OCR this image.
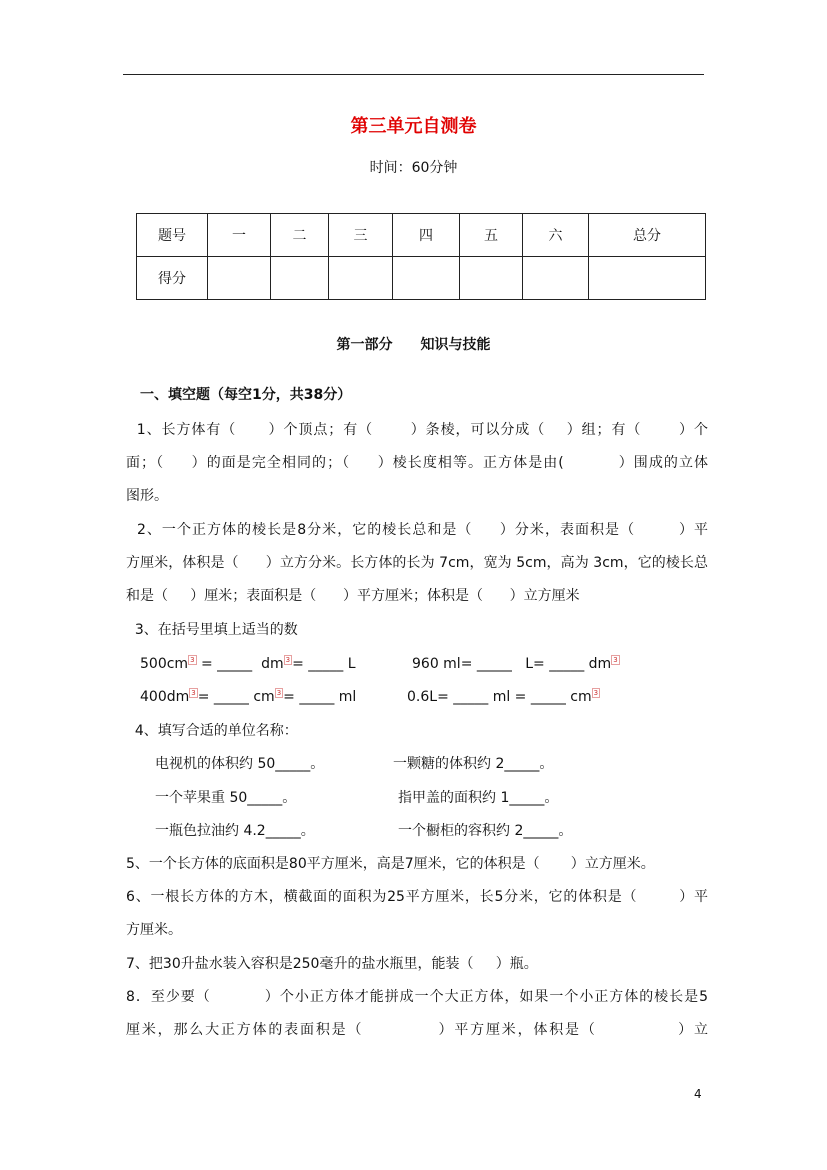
第三单元自测卷
时间：60分钟
题号	一	二	三	四	五	六	总分
得分							
第一部分 知识与技能
一、填空题（每空1分，共38分）
1、长方体有（      ）个顶点；有（       ）条棱，可以分成（    ）组；有（       ）个
面；（     ）的面是完全相同的；（     ）棱长度相等。正方体是由(          ）围成的立体
图形。
2、一个正方体的棱长是8分米，它的棱长总和是（     ）分米，表面积是（        ）平
方厘米，体积是（      ）立方分米。长方体的长为 7cm，宽为 5cm，高为 3cm，它的棱长总
和是（     ）厘米；表面积是（      ）平方厘米；体积是（      ）立方厘米
3、在括号里填上适当的数
500cm $^3$ = _____  dm $^3$ = _____ L	960 ml= _____   L= _____ dm $^3$
400dm $^3$ = _____ cm $^3$ = _____ ml	0.6L= _____ ml = _____ cm $^3$
4、填写合适的单位名称：
电视机的体积约 50_____。	一颗糖的体积约 2_____。
一个苹果重 50_____。	指甲盖的面积约 1_____。
一瓶色拉油约 4.2_____。	一个橱柜的容积约 2_____。
5、一个长方体的底面积是80平方厘米，高是7厘米，它的体积是（       ）立方厘米。
6、一根长方体的方木，横截面的面积为25平方厘米，长5分米，它的体积是（        ）平
方厘米。
7、把30升盐水装入容积是250毫升的盐水瓶里，能装（     ）瓶。
8．至少要（          ）个小正方体才能拼成一个大正方体，如果一个小正方体的棱长是5
厘米，那么大正方体的表面积是（            ）平方厘米，体积是（             ）立
4
